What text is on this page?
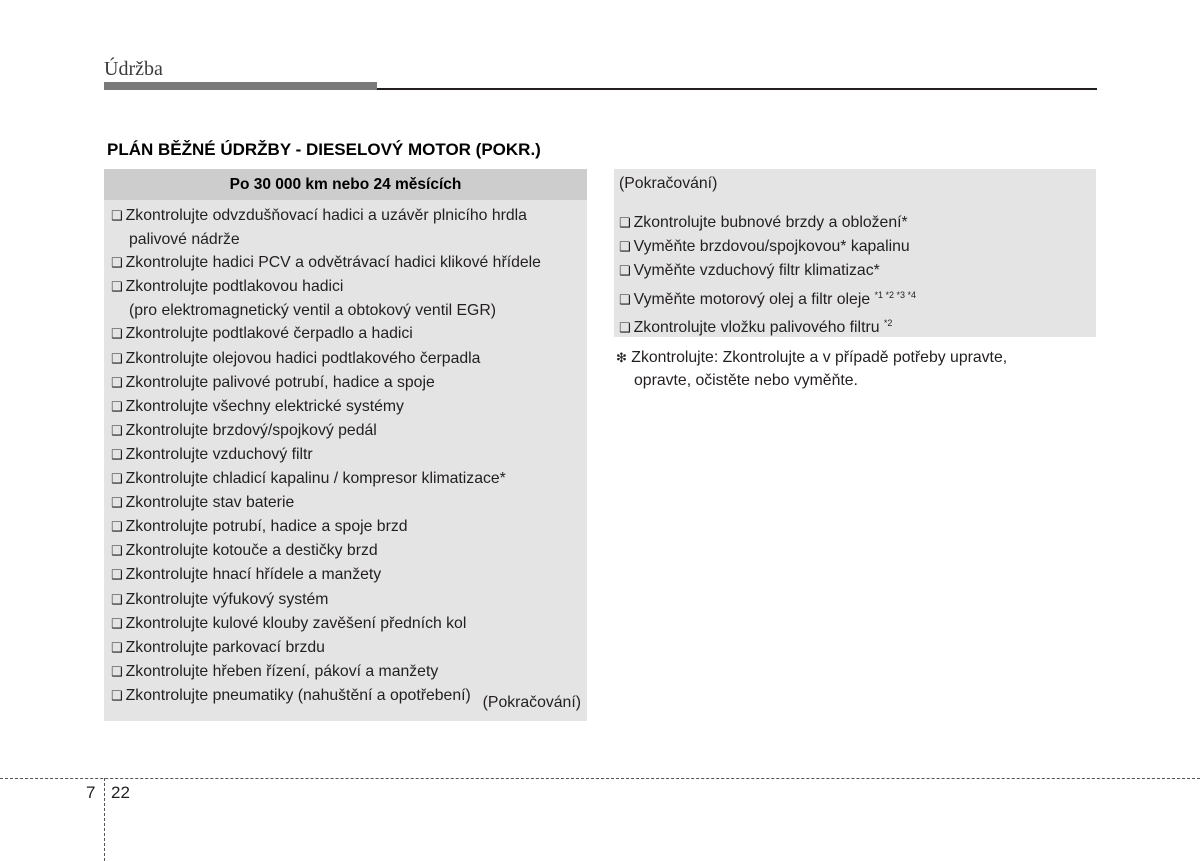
Údržba
PLÁN BĚŽNÉ ÚDRŽBY - DIESELOVÝ MOTOR (POKR.)
Po 30 000 km nebo 24 měsících
❑ Zkontrolujte odvzdušňovací hadici a uzávěr plnicího hrdla
palivové nádrže
❑ Zkontrolujte hadici PCV a odvětrávací hadici klikové hřídele
❑ Zkontrolujte podtlakovou hadici
(pro elektromagnetický ventil a obtokový ventil EGR)
❑ Zkontrolujte podtlakové čerpadlo a hadici
❑ Zkontrolujte olejovou hadici podtlakového čerpadla
❑ Zkontrolujte palivové potrubí, hadice a spoje
❑ Zkontrolujte všechny elektrické systémy
❑ Zkontrolujte brzdový/spojkový pedál
❑ Zkontrolujte vzduchový filtr
❑ Zkontrolujte chladicí kapalinu / kompresor klimatizace*
❑ Zkontrolujte stav baterie
❑ Zkontrolujte potrubí, hadice a spoje brzd
❑ Zkontrolujte kotouče a destičky brzd
❑ Zkontrolujte hnací hřídele a manžety
❑ Zkontrolujte výfukový systém
❑ Zkontrolujte kulové klouby zavěšení předních kol
❑ Zkontrolujte parkovací brzdu
❑ Zkontrolujte hřeben řízení, pákoví a manžety
❑ Zkontrolujte pneumatiky (nahuštění a opotřebení) (Pokračování)
(Pokračování)
❑ Zkontrolujte bubnové brzdy a obložení*
❑ Vyměňte brzdovou/spojkovou* kapalinu
❑ Vyměňte vzduchový filtr klimatizac*
❑ Vyměňte motorový olej a filtr oleje $^{*1 *2 *3 *4}$
❑ Zkontrolujte vložku palivového filtru $^{*2}$
❇ Zkontrolujte: Zkontrolujte a v případě potřeby upravte,
opravte, očistěte nebo vyměňte.
7 22
